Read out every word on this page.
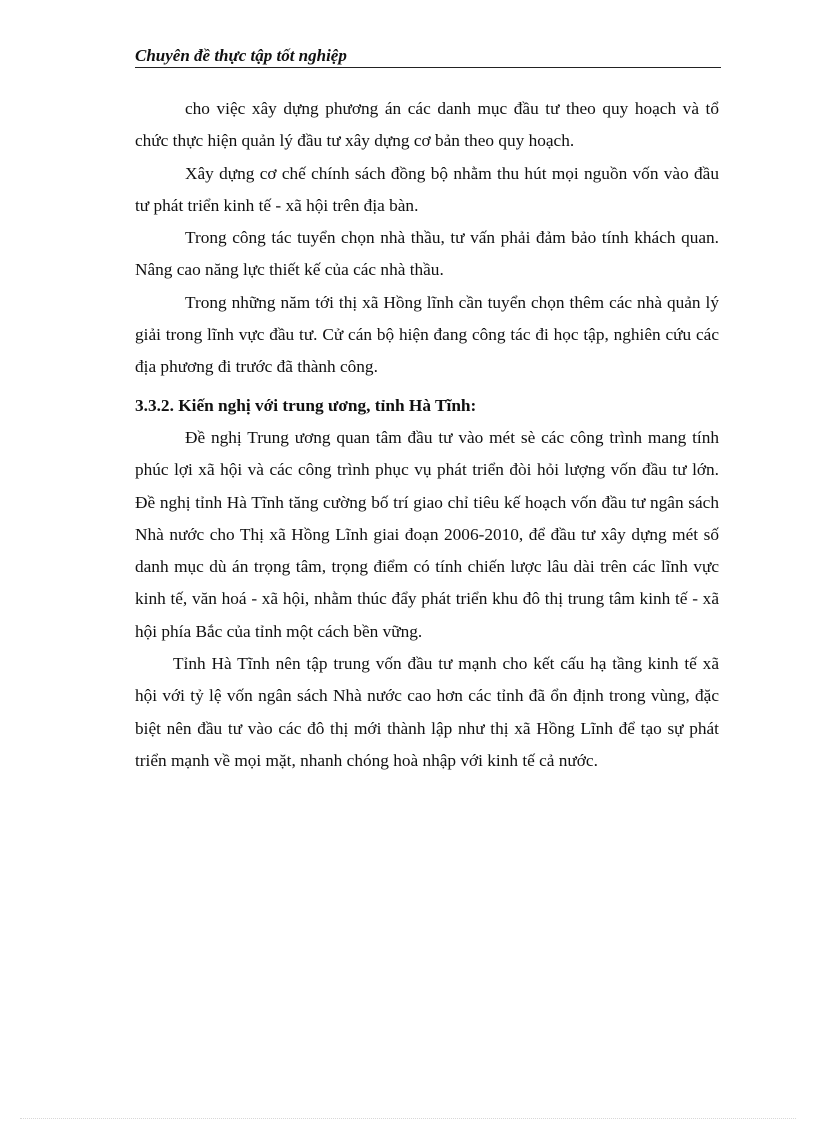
Chuyên đề thực tập tốt nghiệp

cho việc xây dựng phương án các danh mục đầu tư theo quy hoạch và tổ chức thực hiện quản lý đầu tư xây dựng cơ bản theo quy hoạch.

Xây dựng cơ chế chính sách đồng bộ nhằm thu hút mọi nguồn vốn vào đầu tư phát triển kinh tế - xã hội trên địa bàn.

Trong công tác tuyển chọn nhà thầu, tư vấn phải đảm bảo tính khách quan. Nâng cao năng lực thiết kế của các nhà thầu.

Trong những năm tới thị xã Hồng lĩnh cần tuyển chọn thêm các nhà quản lý giải trong lĩnh vực đầu tư. Cử cán bộ hiện đang công tác đi học tập, nghiên cứu các địa phương đi trước đã thành công.

3.3.2. Kiến nghị với trung ương, tỉnh Hà Tĩnh:

Đề nghị Trung ương quan tâm đầu tư vào mét sè các công trình mang tính phúc lợi xã hội và các công trình phục vụ phát triển đòi hỏi lượng vốn đầu tư lớn. Đề nghị tỉnh Hà Tĩnh tăng cường bố trí giao chỉ tiêu kế hoạch vốn đầu tư ngân sách Nhà nước cho Thị xã Hồng Lĩnh giai đoạn 2006-2010, để đầu tư xây dựng mét số danh mục dù án trọng tâm, trọng điểm có tính chiến lược lâu dài trên các lĩnh vực kinh tế, văn hoá - xã hội, nhằm thúc đẩy phát triển khu đô thị trung tâm kinh tế - xã hội phía Bắc của tỉnh một cách bền vững.

Tỉnh Hà Tĩnh nên tập trung vốn đầu tư mạnh cho kết cấu hạ tầng kinh tế xã hội với tỷ lệ vốn ngân sách Nhà nước cao hơn các tỉnh đã ổn định trong vùng, đặc biệt nên đầu tư vào các đô thị mới thành lập như thị xã Hồng Lĩnh để tạo sự phát triển mạnh về mọi mặt, nhanh chóng hoà nhập với kinh tế cả nước.
